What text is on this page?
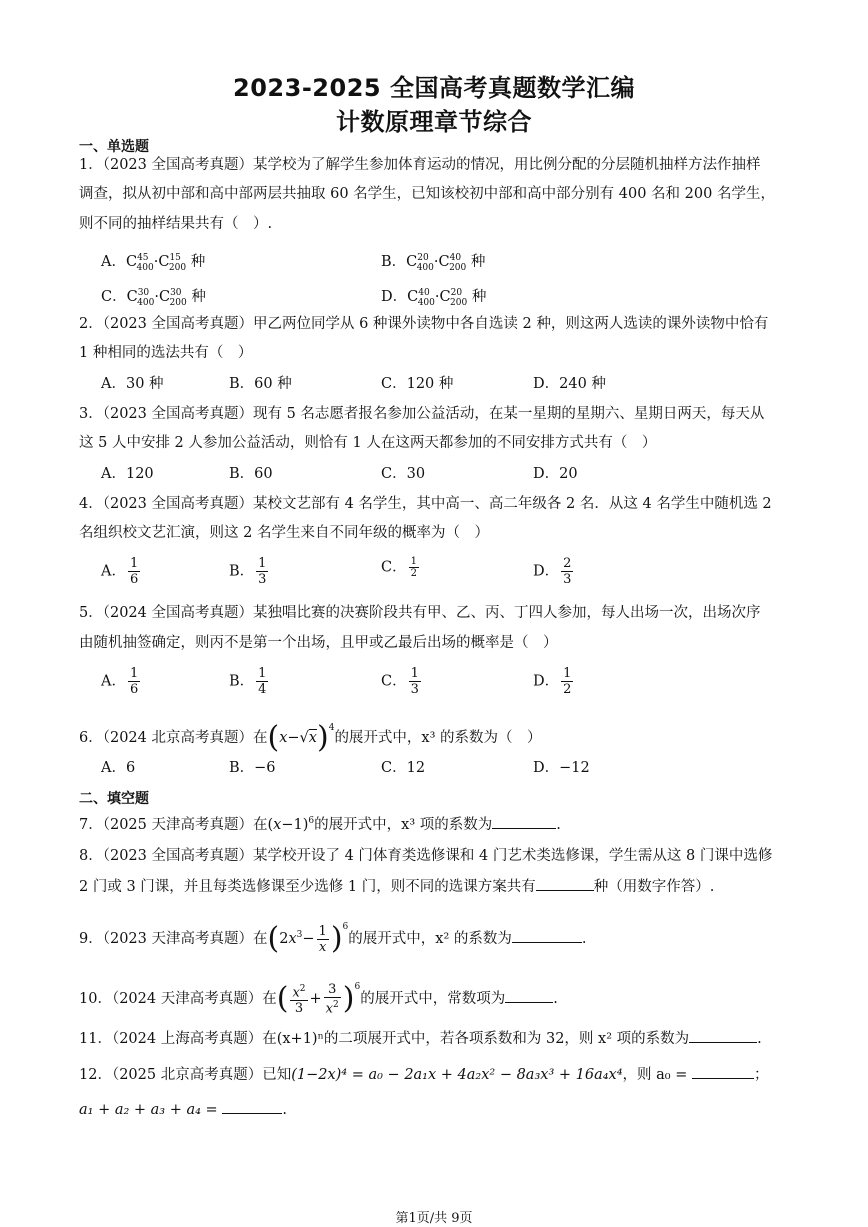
2023-2025 全国高考真题数学汇编
计数原理章节综合
一、单选题
1．（2023 全国高考真题）某学校为了解学生参加体育运动的情况，用比例分配的分层随机抽样方法作抽样
调查，拟从初中部和高中部两层共抽取 60 名学生，已知该校初中部和高中部分别有 400 名和 200 名学生，
则不同的抽样结果共有（　）.
A．$C^{45}_{400}\cdot C^{15}_{200}$ 种	B．$C^{20}_{400}\cdot C^{40}_{200}$ 种
C．$C^{30}_{400}\cdot C^{30}_{200}$ 种	D．$C^{40}_{400}\cdot C^{20}_{200}$ 种
2．（2023 全国高考真题）甲乙两位同学从 6 种课外读物中各自选读 2 种，则这两人选读的课外读物中恰有
1 种相同的选法共有（　）
A．30 种	B．60 种	C．120 种	D．240 种
3．（2023 全国高考真题）现有 5 名志愿者报名参加公益活动，在某一星期的星期六、星期日两天，每天从
这 5 人中安排 2 人参加公益活动，则恰有 1 人在这两天都参加的不同安排方式共有（　）
A．120	B．60	C．30	D．20
4．（2023 全国高考真题）某校文艺部有 4 名学生，其中高一、高二年级各 2 名．从这 4 名学生中随机选 2
名组织校文艺汇演，则这 2 名学生来自不同年级的概率为（　）
A． $\frac{1}{6}$	B． $\frac{1}{3}$	C． $\frac{1}{2}$	D． $\frac{2}{3}$
5．（2024 全国高考真题）某独唱比赛的决赛阶段共有甲、乙、丙、丁四人参加，每人出场一次，出场次序
由随机抽签确定，则丙不是第一个出场，且甲或乙最后出场的概率是（　）
A． $\frac{1}{6}$	B． $\frac{1}{4}$	C． $\frac{1}{3}$	D． $\frac{1}{2}$
6．（2024 北京高考真题）在$(x-√x)^4$的展开式中，x³ 的系数为（　）
A．6	B．−6	C．12	D．−12
二、填空题
7．（2025 天津高考真题）在$(x-1)^6$的展开式中，x³ 项的系数为	.
8．（2023 全国高考真题）某学校开设了 4 门体育类选修课和 4 门艺术类选修课，学生需从这 8 门课中选修
2 门或 3 门课，并且每类选修课至少选修 1 门，则不同的选课方案共有	种（用数字作答）.
9．（2023 天津高考真题）在$(2x^3- \frac{1}{x} )^6$的展开式中，x² 的系数为	.
10．（2024 天津高考真题）在( $\frac{x^2}{3} + \frac{3}{x^2} )^6$的展开式中，常数项为	.
11．（2024 上海高考真题）在(x+1)ⁿ的二项展开式中，若各项系数和为 32，则 x² 项的系数为	.
12．（2025 北京高考真题）已知(1−2x)⁴ = a₀ − 2a₁x + 4a₂x² − 8a₃x³ + 16a₄x⁴，则 a₀ =	；
a₁ + a₂ + a₃ + a₄ =	.
第1页/共 9页
